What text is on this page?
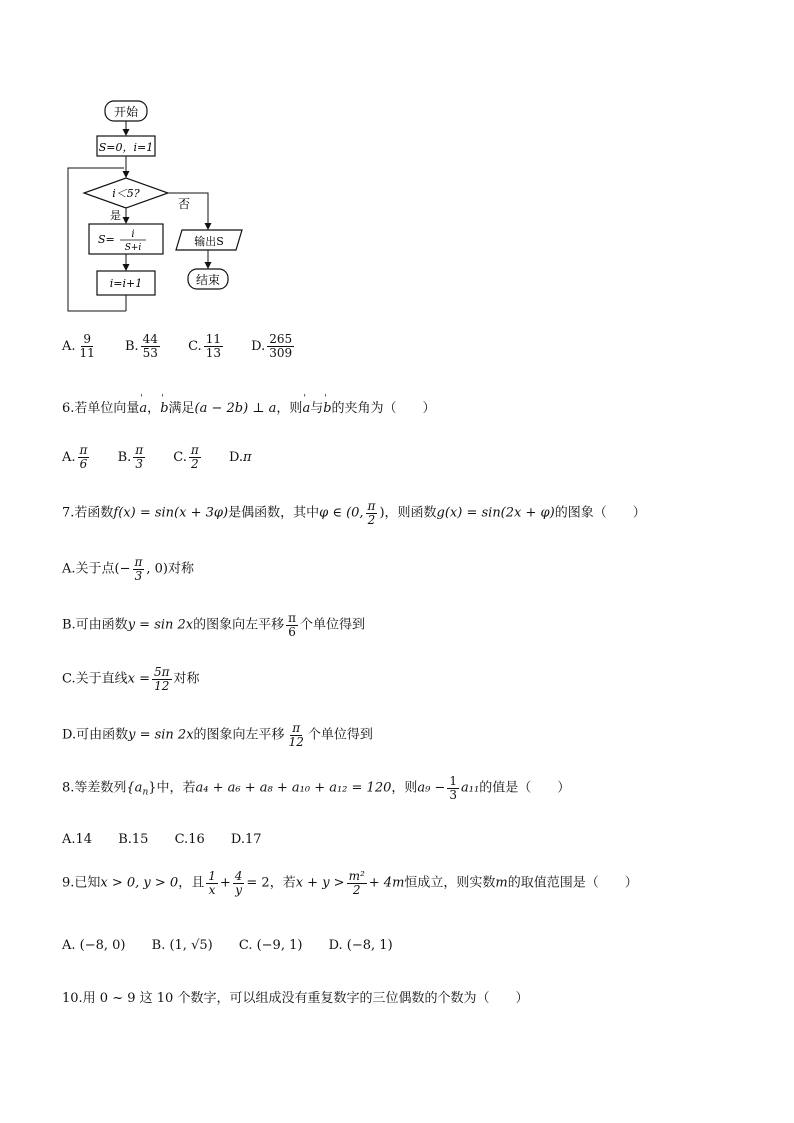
开始
S=0，i=1
i＜5?
否
是
S= i
S+i
i=i+1
输出S
结束
A. $\frac{9}{11}$
B. $\frac{44}{53}$
C. $\frac{11}{13}$
D. $\frac{265}{309}$
6.若单位向量' a，' b满足(a − 2b) ⊥ a，则' a与' b的夹角为（　　）
A. $\frac{\pi}{6}$
B. $\frac{\pi}{3}$
C. $\frac{\pi}{2}$
D. π
7.若函数f(x) = sin(x + 3φ)是偶函数，其中φ ∈ (0, $\frac{\pi}{2}$ )，则函数g(x) = sin(2x + φ)的图象（　　）
A.关于点(− $\frac{\pi}{3}$ , 0)对称
B.可由函数y = sin 2x的图象向左平移 $\frac{\pi}{6}$ 个单位得到
C.关于直线$x = \frac{5\pi}{12}$ 对称
D.可由函数y = sin 2x的图象向左平移 $\frac{\pi}{12}$ 个单位得到
8.等差数列$\{a_n\}$中，若a₄ + a₆ + a₈ + a₁₀ + a₁₂ = 120，则$a_9 - \frac{1}{3} a_{11}$的值是（　　）
A.14 B.15 C.16 D.17
9.已知x > 0, y > 0，且 $\frac{1}{x} + \frac{4}{y} = 2$，若$x + y > \frac{\text{m²}}{2} + 4m$恒成立，则实数m的取值范围是（　　）
A. (−8, 0) B. (1, √5) C. (−9, 1) D. (−8, 1)
10.用 0 ~ 9 这 10 个数字，可以组成没有重复数字的三位偶数的个数为（　　）
